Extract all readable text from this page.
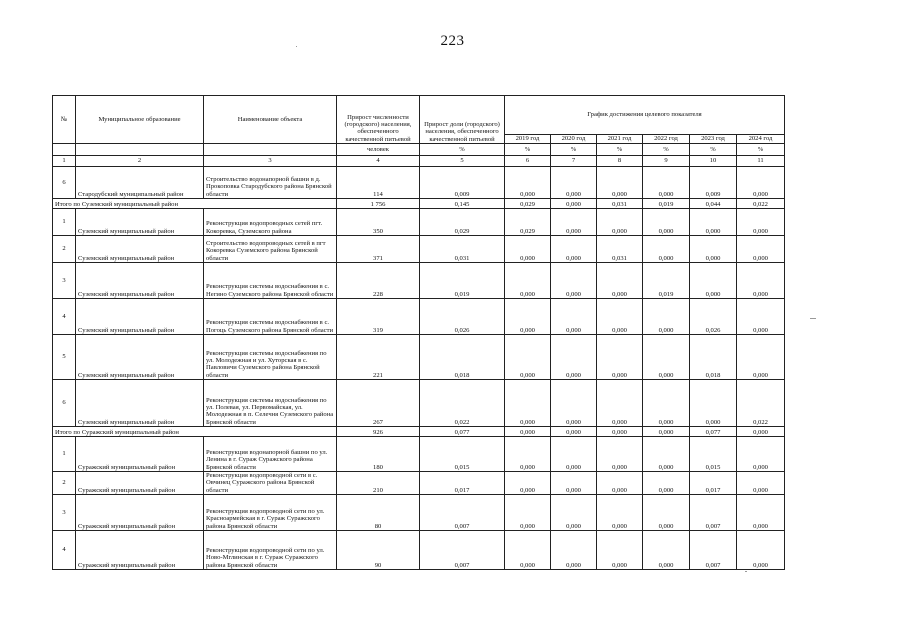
223
№	Муниципальное образование	Наименование объекта	Прирост численности (городского) населения, обеспеченного качественной питьевой	Прирост доли (городского) населения, обеспеченного качественной питьевой	График достижения целевого показателя					
					2019 год	2020 год	2021 год	2022 год	2023 год	2024 год
			человек	%	%	%	%	%	%	%
1	2	3	4	5	6	7	8	9	10	11
6	Стародубский муниципальный район	Строительство водонапорной башни в д. Прокоповка Стародубского района Брянской области	114	0,009	0,000	0,000	0,000	0,000	0,009	0,000
Итого по Суземский муниципальный район			1 756	0,145	0,029	0,000	0,031	0,019	0,044	0,022
1	Суземский муниципальный район	Реконструкция водопроводных сетей пгт. Кокоревка, Суземского района	350	0,029	0,029	0,000	0,000	0,000	0,000	0,000
2	Суземский муниципальный район	Строительство водопроводных сетей в пгт Кокоревка Суземского района Брянской области	371	0,031	0,000	0,000	0,031	0,000	0,000	0,000
3	Суземский муниципальный район	Реконструкция системы водоснабжения в с. Негино Суземского района Брянской области	228	0,019	0,000	0,000	0,000	0,019	0,000	0,000
4	Суземский муниципальный район	Реконструкция системы водоснабжения в с. Погоць Суземского района Брянской области	319	0,026	0,000	0,000	0,000	0,000	0,026	0,000
5	Суземский муниципальный район	Реконструкция системы водоснабжения по ул. Молодежная и ул. Хуторская в с. Павловичи Суземского района Брянской области	221	0,018	0,000	0,000	0,000	0,000	0,018	0,000
6	Суземский муниципальный район	Реконструкция системы водоснабжения по ул. Полевая, ул. Первомайская, ул. Молодежная в п. Селечня Суземского района Брянской области	267	0,022	0,000	0,000	0,000	0,000	0,000	0,022
Итого по Суражский муниципальный район			926	0,077	0,000	0,000	0,000	0,000	0,077	0,000
1	Суражский муниципальный район	Реконструкция водонапорной башни по ул. Ленина в г. Сураж Суражского района Брянской области	180	0,015	0,000	0,000	0,000	0,000	0,015	0,000
2	Суражский муниципальный район	Реконструкция водопроводной сети в с. Овчинец Суражского района Брянской области	210	0,017	0,000	0,000	0,000	0,000	0,017	0,000
3	Суражский муниципальный район	Реконструкция водопроводной сети по ул. Красноармейская в г. Сураж Суражского района Брянской области	80	0,007	0,000	0,000	0,000	0,000	0,007	0,000
4	Суражский муниципальный район	Реконструкция водопроводной сети по ул. Ново-Мглинская в г. Сураж Суражского района Брянской области	90	0,007	0,000	0,000	0,000	0,000	0,007	0,000
